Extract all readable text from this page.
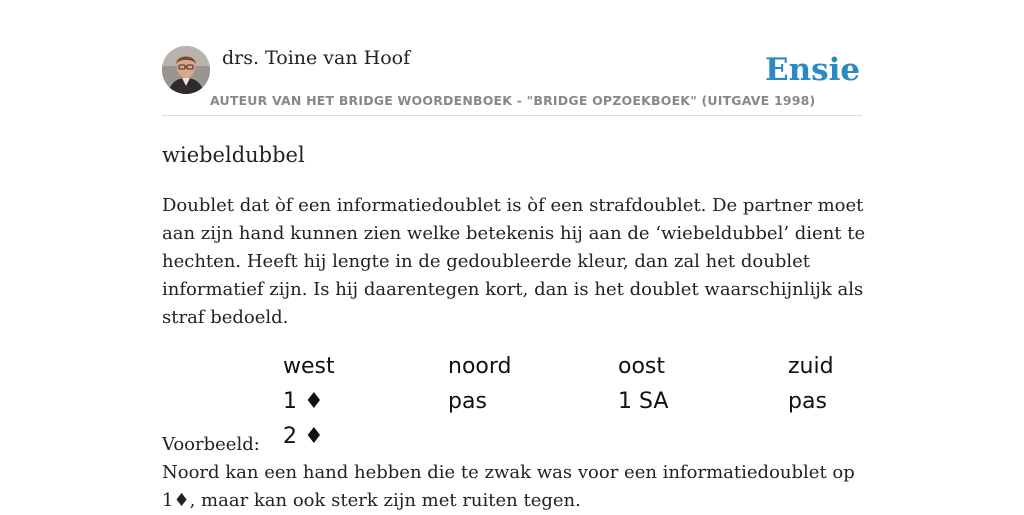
drs. Toine van Hoof
AUTEUR VAN HET BRIDGE WOORDENBOEK - "BRIDGE OPZOEKBOEK" (UITGAVE 1998)
Ensie
wiebeldubbel

Doublet dat òf een informatiedoublet is òf een strafdoublet. De partner moet aan zijn hand kunnen zien welke betekenis hij aan de ‘wiebeldubbel’ dient te hechten. Heeft hij lengte in de gedoubleerde kleur, dan zal het doublet informatief zijn. Is hij daarentegen kort, dan is het doublet waarschijnlijk als straf bedoeld.

west	noord	oost	zuid
1 ♦	pas	1 SA	pas
2 ♦
Voorbeeld:

Noord kan een hand hebben die te zwak was voor een informatiedoublet op 1♦, maar kan ook sterk zijn met ruiten tegen.
